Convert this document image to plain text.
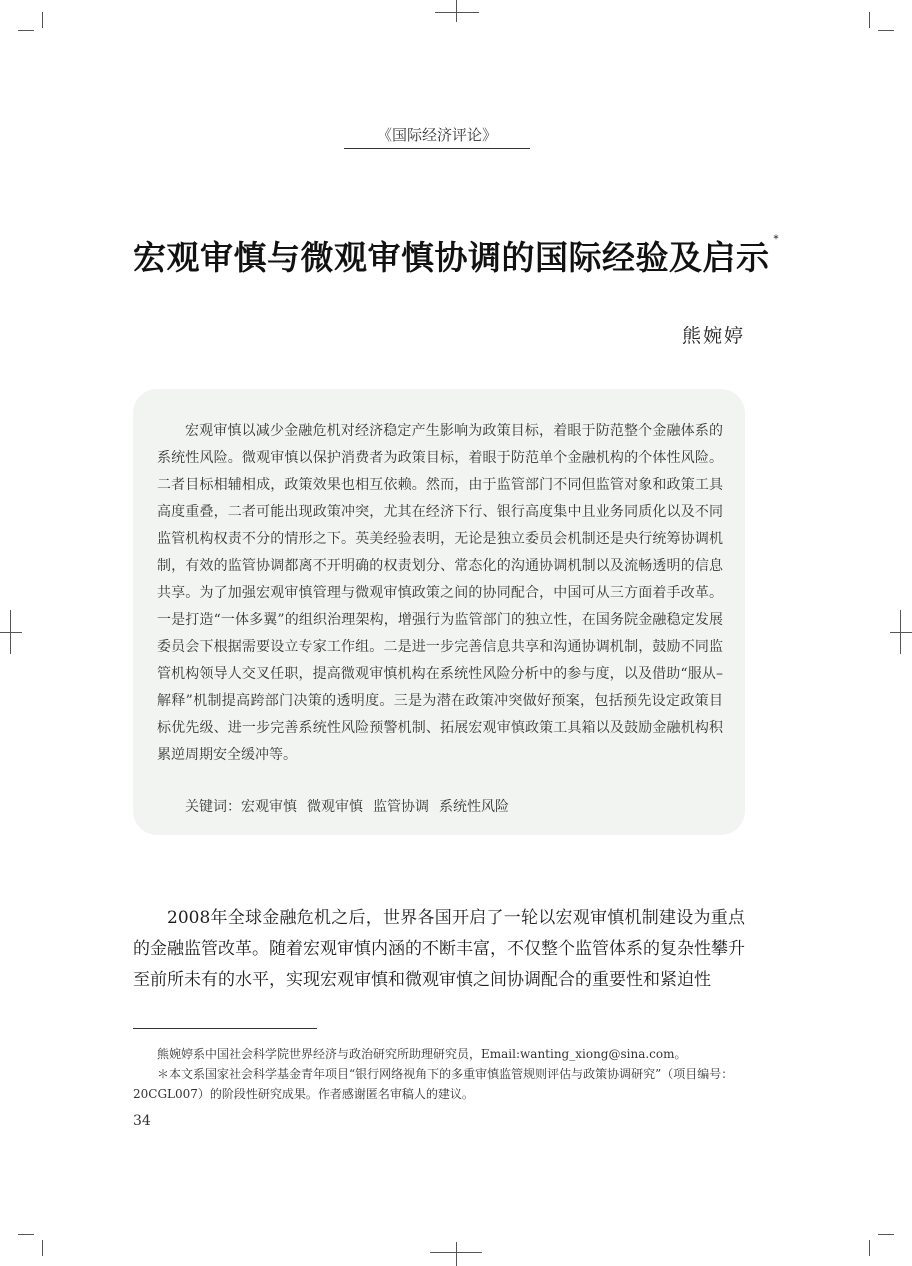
《国际经济评论》
宏观审慎与微观审慎协调的国际经验及启示 *
熊婉婷

宏观审慎以减少金融危机对经济稳定产生影响为政策目标，着眼于防范整个金融体系的系统性风险。微观审慎以保护消费者为政策目标，着眼于防范单个金融机构的个体性风险。二者目标相辅相成，政策效果也相互依赖。然而，由于监管部门不同但监管对象和政策工具高度重叠，二者可能出现政策冲突，尤其在经济下行、银行高度集中且业务同质化以及不同监管机构权责不分的情形之下。英美经验表明，无论是独立委员会机制还是央行统筹协调机制，有效的监管协调都离不开明确的权责划分、常态化的沟通协调机制以及流畅透明的信息共享。为了加强宏观审慎管理与微观审慎政策之间的协同配合，中国可从三方面着手改革。一是打造“一体多翼”的组织治理架构，增强行为监管部门的独立性，在国务院金融稳定发展委员会下根据需要设立专家工作组。二是进一步完善信息共享和沟通协调机制，鼓励不同监管机构领导人交叉任职，提高微观审慎机构在系统性风险分析中的参与度，以及借助“服从–解释”机制提高跨部门决策的透明度。三是为潜在政策冲突做好预案，包括预先设定政策目标优先级、进一步完善系统性风险预警机制、拓展宏观审慎政策工具箱以及鼓励金融机构积累逆周期安全缓冲等。

关键词：宏观审慎 微观审慎 监管协调 系统性风险

2008年全球金融危机之后，世界各国开启了一轮以宏观审慎机制建设为重点的金融监管改革。随着宏观审慎内涵的不断丰富，不仅整个监管体系的复杂性攀升至前所未有的水平，实现宏观审慎和微观审慎之间协调配合的重要性和紧迫性

熊婉婷系中国社会科学院世界经济与政治研究所助理研究员，Email:wanting_xiong@sina.com。

＊本文系国家社会科学基金青年项目“银行网络视角下的多重审慎监管规则评估与政策协调研究”（项目编号：20CGL007）的阶段性研究成果。作者感谢匿名审稿人的建议。

34
